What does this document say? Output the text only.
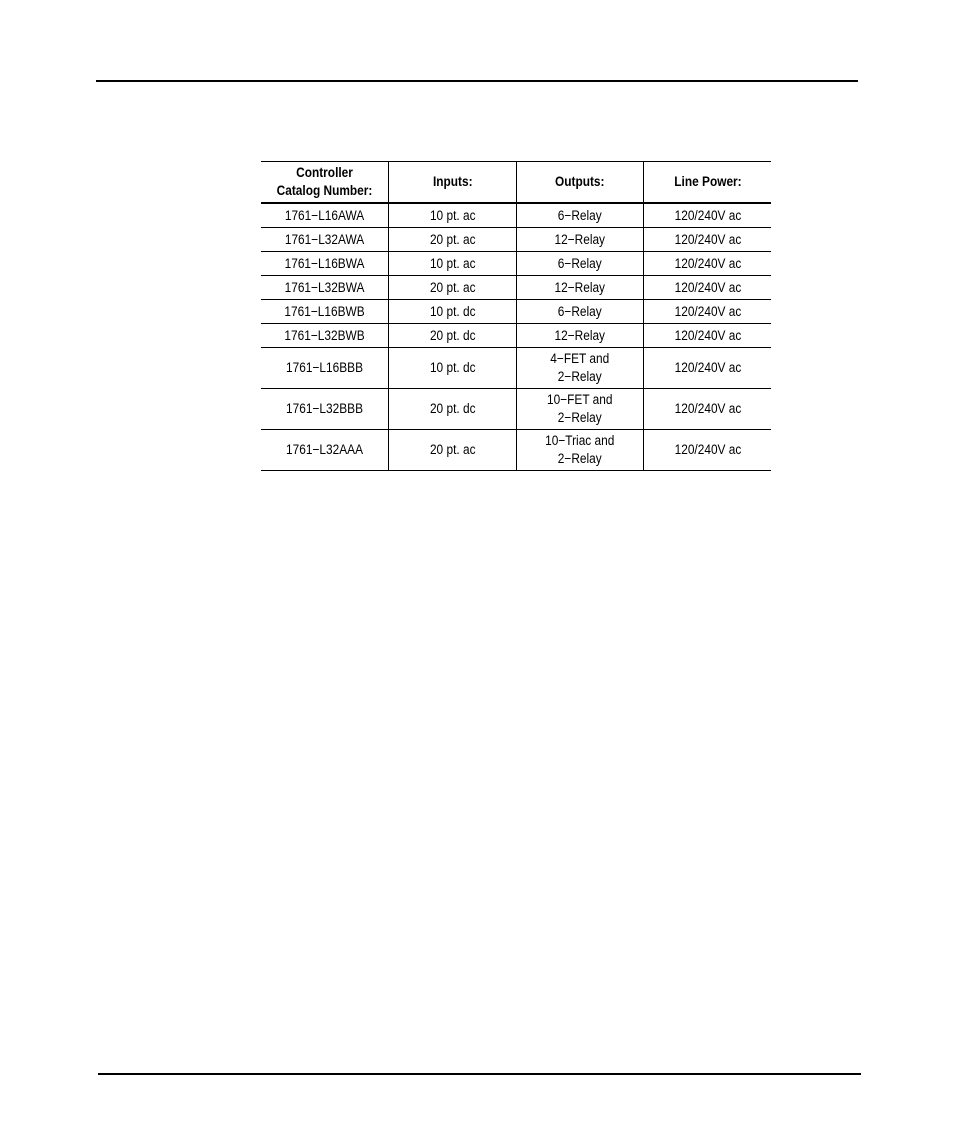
Controller
Catalog Number:	Inputs:	Outputs:	Line Power:
1761−L16AWA	10 pt. ac	6−Relay	120/240V ac
1761−L32AWA	20 pt. ac	12−Relay	120/240V ac
1761−L16BWA	10 pt. ac	6−Relay	120/240V ac
1761−L32BWA	20 pt. ac	12−Relay	120/240V ac
1761−L16BWB	10 pt. dc	6−Relay	120/240V ac
1761−L32BWB	20 pt. dc	12−Relay	120/240V ac
1761−L16BBB	10 pt. dc	4−FET and
2−Relay	120/240V ac
1761−L32BBB	20 pt. dc	10−FET and
2−Relay	120/240V ac
1761−L32AAA	20 pt. ac	10−Triac and
2−Relay	120/240V ac
